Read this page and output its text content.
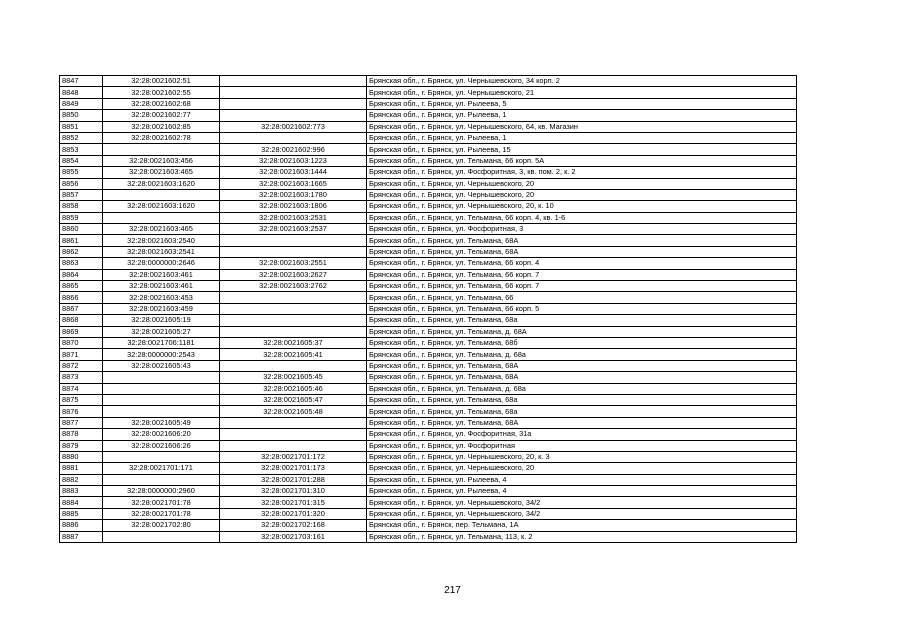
8847	32:28:0021602:51		Брянская обл., г. Брянск, ул. Чернышевского, 34 корп. 2
8848	32:28:0021602:55		Брянская обл., г. Брянск, ул. Чернышевского, 21
8849	32:28:0021602:68		Брянская обл., г. Брянск, ул. Рылеева, 5
8850	32:28:0021602:77		Брянская обл., г. Брянск, ул. Рылеева, 1
8851	32:28:0021602:85	32:28:0021602:773	Брянская обл., г. Брянск, ул. Чернышевского, 64, кв. Магазин
8852	32:28:0021602:78		Брянская обл., г. Брянск, ул. Рылеева, 1
8853		32:28:0021602:996	Брянская обл., г. Брянск, ул. Рылеева, 15
8854	32:28:0021603:456	32:28:0021603:1223	Брянская обл., г. Брянск, ул. Тельмана, 66 корп. 5А
8855	32:28:0021603:465	32:28:0021603:1444	Брянская обл., г. Брянск, ул. Фосфоритная, 3, кв. пом. 2, к. 2
8856	32:28:0021603:1620	32:28:0021603:1665	Брянская обл., г. Брянск, ул. Чернышевского, 20
8857		32:28:0021603:1780	Брянская обл., г. Брянск, ул. Чернышевского, 20
8858	32:28:0021603:1620	32:28:0021603:1806	Брянская обл., г. Брянск, ул. Чернышевского, 20, к. 10
8859		32:28:0021603:2531	Брянская обл., г. Брянск, ул. Тельмана, 66 корп. 4, кв. 1-6
8860	32:28:0021603:465	32:28:0021603:2537	Брянская обл., г. Брянск, ул. Фосфоритная, 3
8861	32:28:0021603:2540		Брянская обл., г. Брянск, ул. Тельмана, 68А
8862	32:28:0021603:2541		Брянская обл., г. Брянск, ул. Тельмана, 68А
8863	32:28:0000000:2646	32:28:0021603:2551	Брянская обл., г. Брянск, ул. Тельмана, 66 корп. 4
8864	32:28:0021603:461	32:28:0021603:2627	Брянская обл., г. Брянск, ул. Тельмана, 66 корп. 7
8865	32:28:0021603:461	32:28:0021603:2762	Брянская обл., г. Брянск, ул. Тельмана, 66 корп. 7
8866	32:28:0021603:453		Брянская обл., г. Брянск, ул. Тельмана, 66
8867	32:28:0021603:459		Брянская обл., г. Брянск, ул. Тельмана, 66 корп. 5
8868	32:28:0021605:19		Брянская обл., г. Брянск, ул. Тельмана, 68а
8869	32:28:0021605:27		Брянская обл., г. Брянск, ул. Тельмана, д. 68А
8870	32:28:0021706:1181	32:28:0021605:37	Брянская обл., г. Брянск, ул. Тельмана, 68б
8871	32:28:0000000:2543	32:28:0021605:41	Брянская обл., г. Брянск, ул. Тельмана, д. 68а
8872	32:28:0021605:43		Брянская обл., г. Брянск, ул. Тельмана, 68А
8873		32:28:0021605:45	Брянская обл., г. Брянск, ул. Тельмана, 68А
8874		32:28:0021605:46	Брянская обл., г. Брянск, ул. Тельмана, д. 68а
8875		32:28:0021605:47	Брянская обл., г. Брянск, ул. Тельмана, 68а
8876		32:28:0021605:48	Брянская обл., г. Брянск, ул. Тельмана, 68а
8877	32:28:0021605:49		Брянская обл., г. Брянск, ул. Тельмана, 68А
8878	32:28:0021606:20		Брянская обл., г. Брянск, ул. Фосфоритная, 31а
8879	32:28:0021606:26		Брянская обл., г. Брянск, ул. Фосфоритная
8880		32:28:0021701:172	Брянская обл., г. Брянск, ул. Чернышевского, 20, к. 3
8881	32:28:0021701:171	32:28:0021701:173	Брянская обл., г. Брянск, ул. Чернышевского, 20
8882		32:28:0021701:288	Брянская обл., г. Брянск, ул. Рылеева, 4
8883	32:28:0000000:2960	32:28:0021701:310	Брянская обл., г. Брянск, ул. Рылеева, 4
8884	32:28:0021701:78	32:28:0021701:315	Брянская обл., г. Брянск, ул. Чернышевского, 34/2
8885	32:28:0021701:78	32:28:0021701:320	Брянская обл., г. Брянск, ул. Чернышевского, 34/2
8886	32:28:0021702:80	32:28:0021702:168	Брянская обл., г. Брянск, пер. Тельмана, 1А
8887		32:28:0021703:161	Брянская обл., г. Брянск, ул. Тельмана, 113, к. 2
217
